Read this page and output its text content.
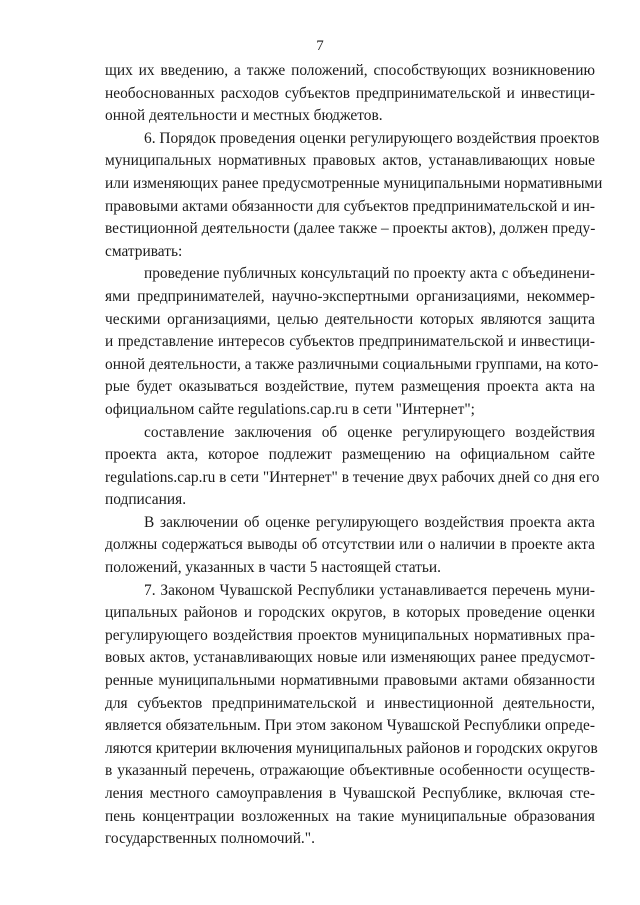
7
щих их введению, а также положений, способствующих возникновению
необоснованных расходов субъектов предпринимательской и инвестици-
онной деятельности и местных бюджетов.
6. Порядок проведения оценки регулирующего воздействия проектов
муниципальных нормативных правовых актов, устанавливающих новые
или изменяющих ранее предусмотренные муниципальными нормативными
правовыми актами обязанности для субъектов предпринимательской и ин-
вестиционной деятельности (далее также – проекты актов), должен преду-
сматривать:
проведение публичных консультаций по проекту акта с объединени-
ями предпринимателей, научно-экспертными организациями, некоммер-
ческими организациями, целью деятельности которых являются защита
и представление интересов субъектов предпринимательской и инвестици-
онной деятельности, а также различными социальными группами, на кото-
рые будет оказываться воздействие, путем размещения проекта акта на
официальном сайте regulations.cap.ru в сети "Интернет";
составление заключения об оценке регулирующего воздействия
проекта акта, которое подлежит размещению на официальном сайте
regulations.cap.ru в сети "Интернет" в течение двух рабочих дней со дня его
подписания.
В заключении об оценке регулирующего воздействия проекта акта
должны содержаться выводы об отсутствии или о наличии в проекте акта
положений, указанных в части 5 настоящей статьи.
7. Законом Чувашской Республики устанавливается перечень муни-
ципальных районов и городских округов, в которых проведение оценки
регулирующего воздействия проектов муниципальных нормативных пра-
вовых актов, устанавливающих новые или изменяющих ранее предусмот-
ренные муниципальными нормативными правовыми актами обязанности
для субъектов предпринимательской и инвестиционной деятельности,
является обязательным. При этом законом Чувашской Республики опреде-
ляются критерии включения муниципальных районов и городских округов
в указанный перечень, отражающие объективные особенности осуществ-
ления местного самоуправления в Чувашской Республике, включая сте-
пень концентрации возложенных на такие муниципальные образования
государственных полномочий.".
